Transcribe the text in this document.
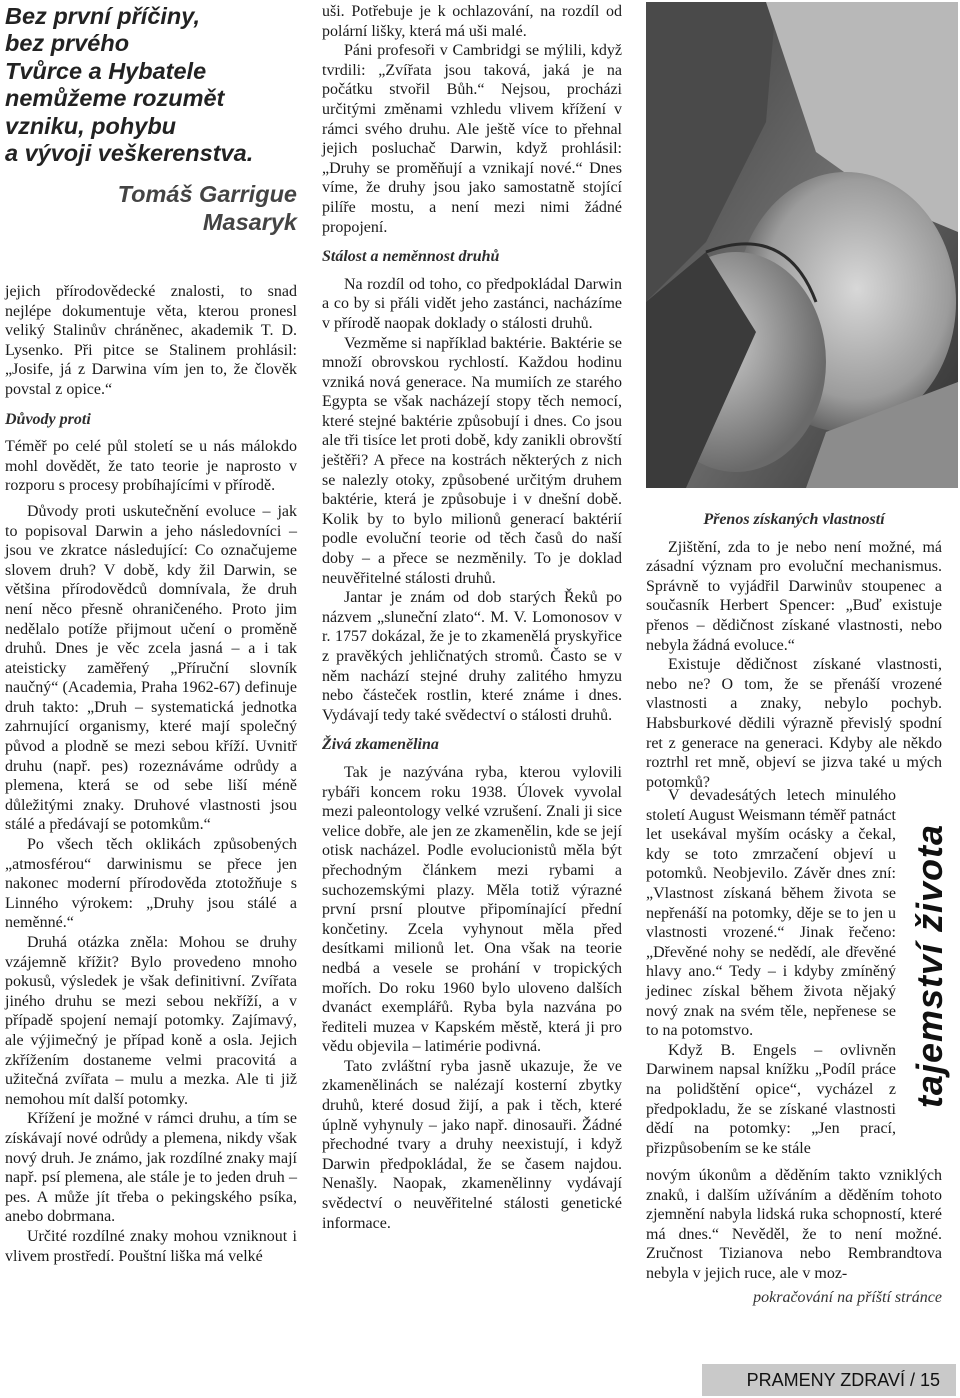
Bez první příčiny,
bez prvého
Tvůrce a Hybatele
nemůžeme rozumět
vzniku, pohybu
a vývoji veškerenstva.
Tomáš Garrigue
Masaryk

jejich přírodovědecké znalosti, to snad nejlépe dokumentuje věta, kterou pronesl veliký Stalinův chráněnec, akademik T. D. Lysenko. Při pitce se Stalinem prohlásil: „Josife, já z Darwina vím jen to, že člověk povstal z opice.“

Důvody proti

Téměř po celé půl století se u nás málokdo mohl dovědět, že tato teorie je naprosto v rozporu s procesy probíhajícími v přírodě.

Důvody proti uskutečnění evoluce – jak to popisoval Darwin a jeho následovníci – jsou ve zkratce následující: Co označujeme slovem druh? V době, kdy žil Darwin, se většina přírodovědců domnívala, že druh není něco přesně ohraničeného. Proto jim nedělalo potíže přijmout učení o proměně druhů. Dnes je věc zcela jasná – a i tak ateisticky zaměřený „Příruční slovník naučný“ (Academia, Praha 1962-67) definuje druh takto: „Druh – systematická jednotka zahrnující organismy, které mají společný původ a plodně se mezi sebou kříží. Uvnitř druhu (např. pes) rozeznáváme odrůdy a plemena, která se od sebe liší méně důležitými znaky. Druhové vlastnosti jsou stálé a předávají se potomkům.“

Po všech těch oklikách způsobených „atmosférou“ darwinismu se přece jen nakonec moderní přírodověda ztotožňuje s Linného výrokem: „Druhy jsou stálé a neměnné.“

Druhá otázka zněla: Mohou se druhy vzájemně křížit? Bylo provedeno mnoho pokusů, výsledek je však definitivní. Zvířata jiného druhu se mezi sebou nekříží, a v případě spojení nemají potomky. Zajímavý, ale výjimečný je případ koně a osla. Jejich zkřížením dostaneme velmi pracovitá a užitečná zvířata – mulu a mezka. Ale ti již nemohou mít další potomky.

Křížení je možné v rámci druhu, a tím se získávají nové odrůdy a plemena, nikdy však nový druh. Je známo, jak rozdílné znaky mají např. psí plemena, ale stále je to jeden druh – pes. A může jít třeba o pekingského psíka, anebo dobrmana.

Určité rozdílné znaky mohou vzniknout i vlivem prostředí. Pouštní liška má velké

uši. Potřebuje je k ochlazování, na rozdíl od polární lišky, která má uši malé.

Páni profesoři v Cambridgi se mýlili, když tvrdili: „Zvířata jsou taková, jaká je na počátku stvořil Bůh.“ Nejsou, procházi určitými změnami vzhledu vlivem křížení v rámci svého druhu. Ale ještě více to přehnal jejich posluchač Darwin, když prohlásil: „Druhy se proměňují a vznikají nové.“ Dnes víme, že druhy jsou jako samostatně stojící pilíře mostu, a není mezi nimi žádné propojení.

Stálost a neměnnost druhů

Na rozdíl od toho, co předpokládal Darwin a co by si přáli vidět jeho zastánci, nacházíme v přírodě naopak doklady o stálosti druhů.

Vezměme si například baktérie. Baktérie se množí obrovskou rychlostí. Každou hodinu vzniká nová generace. Na mumiích ze starého Egypta se však nacházejí stopy těch nemocí, které stejné baktérie způsobují i dnes. Co jsou ale tři tisíce let proti době, kdy zanikli obrovští ještěři? A přece na kostrách některých z nich se nalezly otoky, způsobené určitým druhem baktérie, která je způsobuje i v dnešní době. Kolik by to bylo milionů generací baktérií podle evoluční teorie od těch časů do naší doby – a přece se nezměnily. To je doklad neuvěřitelné stálosti druhů.

Jantar je znám od dob starých Řeků po názvem „sluneční zlato“. M. V. Lomonosov v r. 1757 dokázal, že je to zkamenělá pryskyřice z pravěkých jehličnatých stromů. Často se v něm nachází stejné druhy zalitého hmyzu nebo částeček rostlin, které známe i dnes. Vydávají tedy také svědectví o stálosti druhů.

Živá zkamenělina

Tak je nazývána ryba, kterou vylovili rybáři koncem roku 1938. Úlovek vyvolal mezi paleontology velké vzrušení. Znali ji sice velice dobře, ale jen ze zkamenělin, kde se její otisk nacházel. Podle evolucionistů měla být přechodným článkem mezi rybami a suchozemskými plazy. Měla totiž výrazné první prsní ploutve připomínající přední končetiny. Zcela vyhynout měla před desítkami milionů let. Ona však na teorie nedbá a vesele se prohání v tropických mořích. Do roku 1960 bylo uloveno dalších dvanáct exemplářů. Ryba byla nazvána po řediteli muzea v Kapském městě, která ji pro vědu objevila – latimérie podivná.

Tato zvláštní ryba jasně ukazuje, že ve zkamenělinách se nalézají kosterní zbytky druhů, které dosud žijí, a pak i těch, které úplně vyhynuly – jako např. dinosauři. Žádné přechodné tvary a druhy neexistují, i když Darwin předpokládal, že se časem najdou. Nenašly. Naopak, zkamenělinny vydávají svědectví o neuvěřitelné stálosti genetické informace.

Přenos získaných vlastností

Zjištění, zda to je nebo není možné, má zásadní význam pro evoluční mechanismus. Správně to vyjádřil Darwinův stoupenec a současník Herbert Spencer: „Buď existuje přenos – dědičnost získané vlastnosti, nebo nebyla žádná evoluce.“

Existuje dědičnost získané vlastnosti, nebo ne? O tom, že se přenáší vrozené vlastnosti a znaky, nebylo pochyb. Habsburkové dědili výrazně převislý spodní ret z generace na generaci. Kdyby ale někdo roztrhl ret mně, objeví se jizva také u mých potomků?

V devadesátých letech minulého století August Weismann téměř patnáct let usekával myším ocásky a čekal, kdy se toto zmrzačení objeví u potomků. Neobjevilo. Závěr dnes zní: „Vlastnost získaná během života se nepřenáší na potomky, děje se to jen u vlastnosti vrozené.“ Jinak řečeno: „Dřevěné nohy se nedědí, ale dřevěné hlavy ano.“ Tedy – i kdyby zmíněný jedinec získal během života nějaký nový znak na svém těle, nepřenese se to na potomstvo.

Když B. Engels – ovlivněn Darwinem napsal knížku „Podíl práce na polidštění opice“, vycházel z předpokladu, že se získané vlastnosti dědí na potomky: „Jen prací, přizpůsobením se ke stále

novým úkonům a děděním takto vzniklých znaků, i dalším užíváním a děděním tohoto zjemnění nabyla lidská ruka schopností, které má dnes.“ Nevěděl, že to není možné. Zručnost Tizianova nebo Rembrandtova nebyla v jejich ruce, ale v moz-

pokračování na příští stránce
tajemství života
PRAMENY ZDRAVÍ / 15
